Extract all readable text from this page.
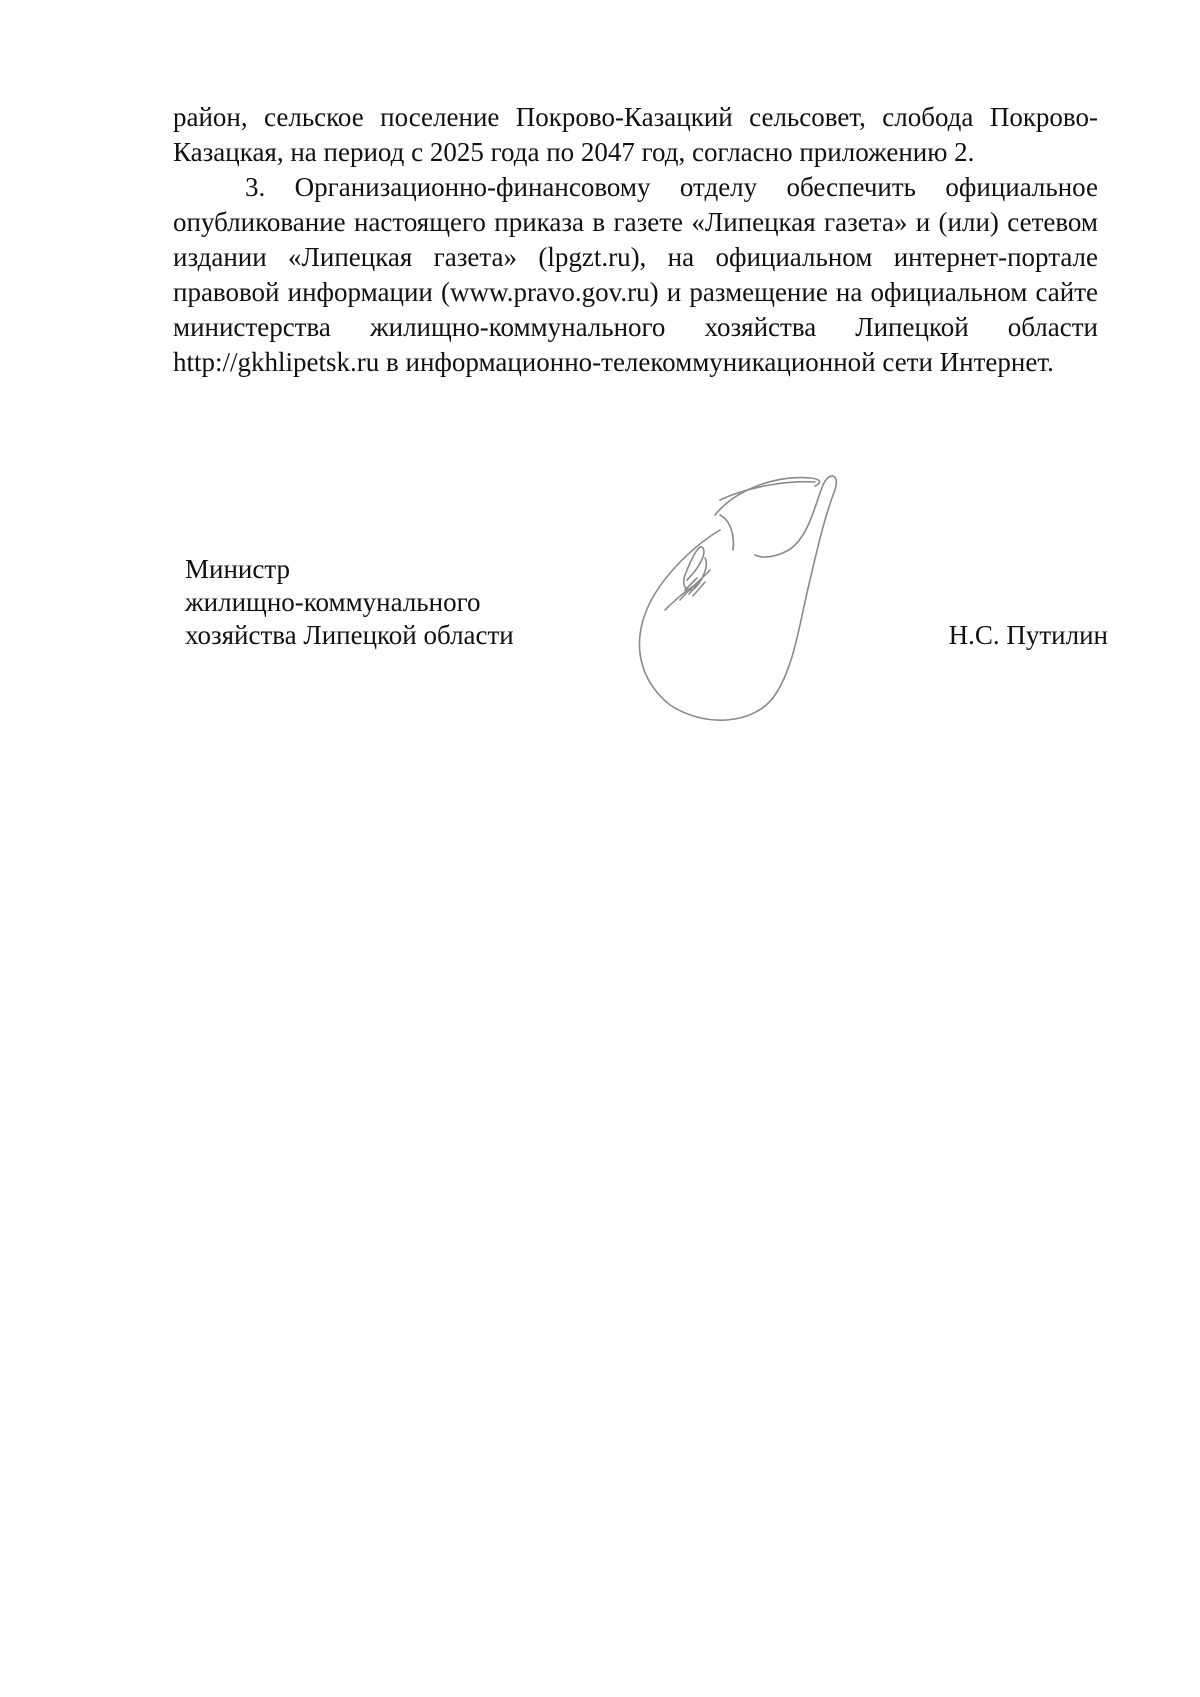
район, сельское поселение Покрово-Казацкий сельсовет, слобода Покрово-Казацкая, на период с 2025 года по 2047 год, согласно приложению 2.

3. Организационно-финансовому отделу обеспечить официальное опубликование настоящего приказа в газете «Липецкая газета» и (или) сетевом издании «Липецкая газета» (lpgzt.ru), на официальном интернет-портале правовой информации (www.pravo.gov.ru) и размещение на официальном сайте министерства жилищно-коммунального хозяйства Липецкой области http://gkhlipetsk.ru в информационно-телекоммуникационной сети Интернет.

Министр
жилищно-коммунального
хозяйства Липецкой области	Н.С. Путилин
